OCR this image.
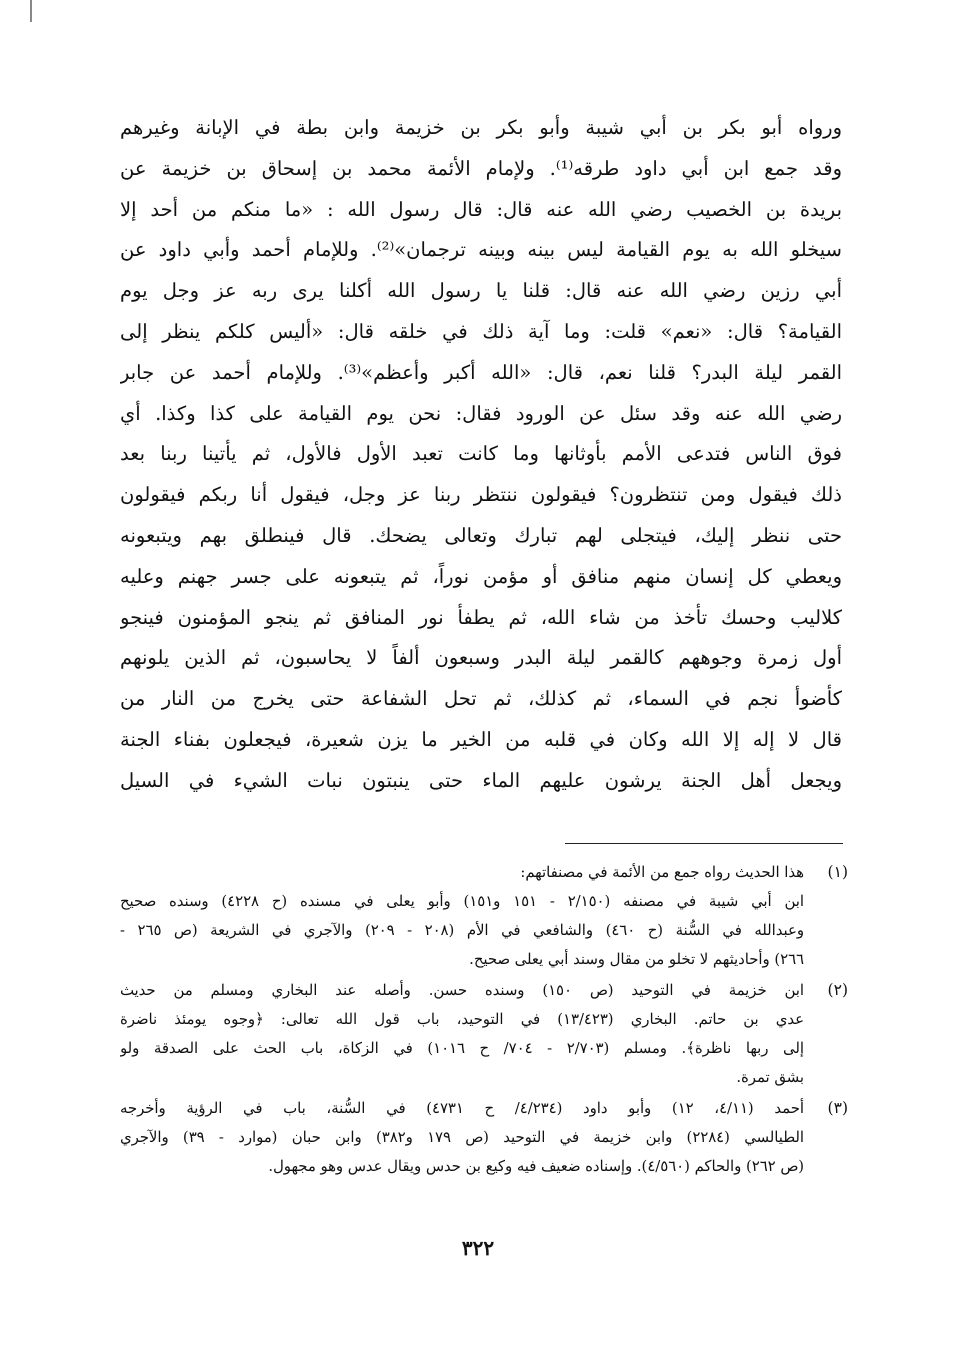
ورواه أبو بكر بن أبي شيبة وأبو بكر بن خزيمة وابن بطة في الإبانة وغيرهم
وقد جمع ابن أبي داود طرقه⁽¹⁾. ولإمام الأئمة محمد بن إسحاق بن خزيمة عن
بريدة بن الخصيب رضي الله عنه قال: قال رسول الله : «ما منكم من أحد إلا
سيخلو الله به يوم القيامة ليس بينه وبينه ترجمان»⁽²⁾. وللإمام أحمد وأبي داود عن
أبي رزين رضي الله عنه قال: قلنا يا رسول الله أكلنا يرى ربه عز وجل يوم
القيامة؟ قال: «نعم» قلت: وما آية ذلك في خلقه قال: «أليس كلكم ينظر إلى
القمر ليلة البدر؟ قلنا نعم، قال: «الله أكبر وأعظم»⁽³⁾. وللإمام أحمد عن جابر
رضي الله عنه وقد سئل عن الورود فقال: نحن يوم القيامة على كذا وكذا. أي
فوق الناس فتدعى الأمم بأوثانها وما كانت تعبد الأول فالأول، ثم يأتينا ربنا بعد
ذلك فيقول ومن تنتظرون؟ فيقولون ننتظر ربنا عز وجل، فيقول أنا ربكم فيقولون
حتى ننظر إليك، فيتجلى لهم تبارك وتعالى يضحك. قال فينطلق بهم ويتبعونه
ويعطي كل إنسان منهم منافق أو مؤمن نوراً، ثم يتبعونه على جسر جهنم وعليه
كلاليب وحسك تأخذ من شاء الله، ثم يطفأ نور المنافق ثم ينجو المؤمنون فينجو
أول زمرة وجوههم كالقمر ليلة البدر وسبعون ألفاً لا يحاسبون، ثم الذين يلونهم
كأضوأ نجم في السماء، ثم كذلك، ثم تحل الشفاعة حتى يخرج من النار من
قال لا إله إلا الله وكان في قلبه من الخير ما يزن شعيرة، فيجعلون بفناء الجنة
ويجعل أهل الجنة يرشون عليهم الماء حتى ينبتون نبات الشيء في السيل
(١)
هذا الحديث رواه جمع من الأئمة في مصنفاتهم:
ابن أبي شيبة في مصنفه (٢/١٥٠ - ١٥١ و١٥١) وأبو يعلى في مسنده (ح ٤٢٢٨) وسنده صحيح
وعبدالله في السُّنة (ح ٤٦٠) والشافعي في الأم (٢٠٨ - ٢٠٩) والآجري في الشريعة (ص ٢٦٥ -
٢٦٦) وأحاديثهم لا تخلو من مقال وسند أبي يعلى صحيح.
(٢)
ابن خزيمة في التوحيد (ص ١٥٠) وسنده حسن. وأصله عند البخاري ومسلم من حديث
عدي بن حاتم. البخاري (١٣/٤٢٣) في التوحيد، باب قول الله تعالى: ﴿وجوه يومئذ ناضرة
إلى ربها ناظرة﴾. ومسلم (٢/٧٠٣ - ٧٠٤/ ح ١٠١٦) في الزكاة، باب الحث على الصدقة ولو
بشق تمرة.
(٣)
أحمد (٤/١١، ١٢) وأبو داود (٤/٢٣٤/ ح ٤٧٣١) في السُّنة، باب في الرؤية وأخرجه
الطيالسي (٢٢٨٤) وابن خزيمة في التوحيد (ص ١٧٩ و٣٨٢) وابن حبان (موارد - ٣٩) والآجري
(ص ٢٦٢) والحاكم (٤/٥٦٠). وإسناده ضعيف فيه وكيع بن حدس ويقال عدس وهو مجهول.
٣٢٢
